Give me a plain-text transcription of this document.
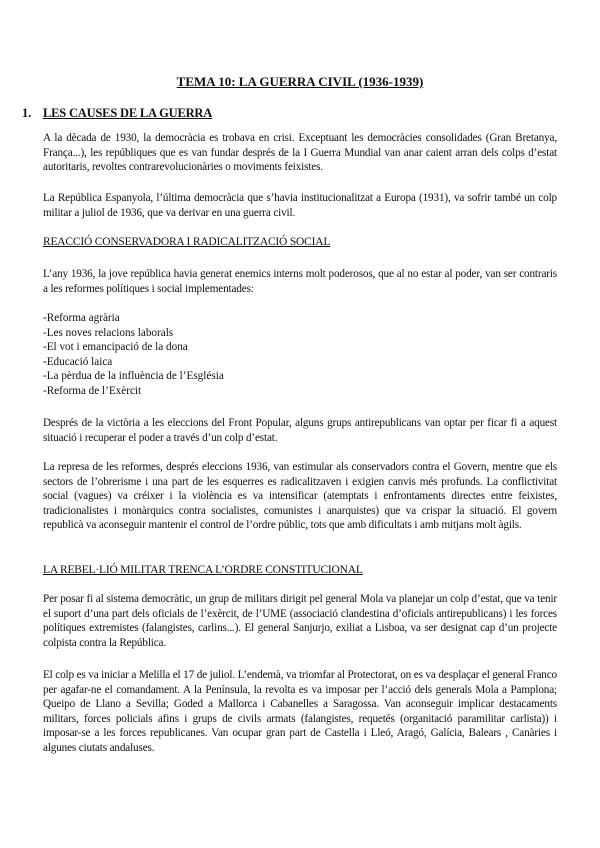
TEMA 10: LA GUERRA CIVIL (1936-1939)
1. LES CAUSES DE LA GUERRA
A la dècada de 1930, la democràcia es trobava en crisi. Exceptuant les democràcies consolidades (Gran Bretanya, França...), les repúbliques que es van fundar després de la I Guerra Mundial van anar caient arran dels colps d’estat autoritaris, revoltes contrarevolucionàries o moviments feixistes.
La República Espanyola, l’última democràcia que s’havia institucionalitzat a Europa (1931), va sofrir també un colp militar a juliol de 1936, que va derivar en una guerra civil.
REACCIÓ CONSERVADORA I RADICALITZACIÓ SOCIAL
L’any 1936, la jove república havia generat enemics interns molt poderosos, que al no estar al poder, van ser contraris a les reformes polítiques i social implementades:
-Reforma agrària
-Les noves relacions laborals
-El vot i emancipació de la dona
-Educació laica
-La pèrdua de la influència de l’Església
-Reforma de l’Exèrcit
Després de la victòria a les eleccions del Front Popular, alguns grups antirepublicans van optar per ficar fi a aquest situació i recuperar el poder a través d’un colp d’estat.
La represa de les reformes, després eleccions 1936, van estimular als conservadors contra el Govern, mentre que els sectors de l’obrerisme i una part de les esquerres es radicalitzaven i exigien canvis més profunds. La conflictivitat social (vagues) va créixer i la violència es va intensificar (atemptats i enfrontaments directes entre feixistes, tradicionalistes i monàrquics contra socialistes, comunistes i anarquistes) que va crispar la situació. El govern republicà va aconseguir mantenir el control de l’ordre públic, tots que amb dificultats i amb mitjans molt àgils.
LA REBEL·LIÓ MILITAR TRENCA L’ORDRE CONSTITUCIONAL
Per posar fi al sistema democràtic, un grup de militars dirigit pel general Mola va planejar un colp d’estat, que va tenir el suport d’una part dels oficials de l’exèrcit, de l’UME (associació clandestina d’oficials antirepublicans) i les forces polítiques extremistes (falangistes, carlins...). El general Sanjurjo, exiliat a Lisboa, va ser designat cap d’un projecte colpista contra la República.
El colp es va iniciar a Melilla el 17 de juliol. L’endemà, va triomfar al Protectorat, on es va desplaçar el general Franco per agafar-ne el comandament. A la Península, la revolta es va imposar per l’acció dels generals Mola a Pamplona; Queipo de Llano a Sevilla; Goded a Mallorca i Cabanelles a Saragossa. Van aconseguir implicar destacaments militars, forces policials afins i grups de civils armats (falangistes, requetés (organitació paramilitar carlista)) i imposar-se a les forces republicanes. Van ocupar gran part de Castella i Lleó, Aragó, Galícia, Balears , Canàries i algunes ciutats andaluses.
